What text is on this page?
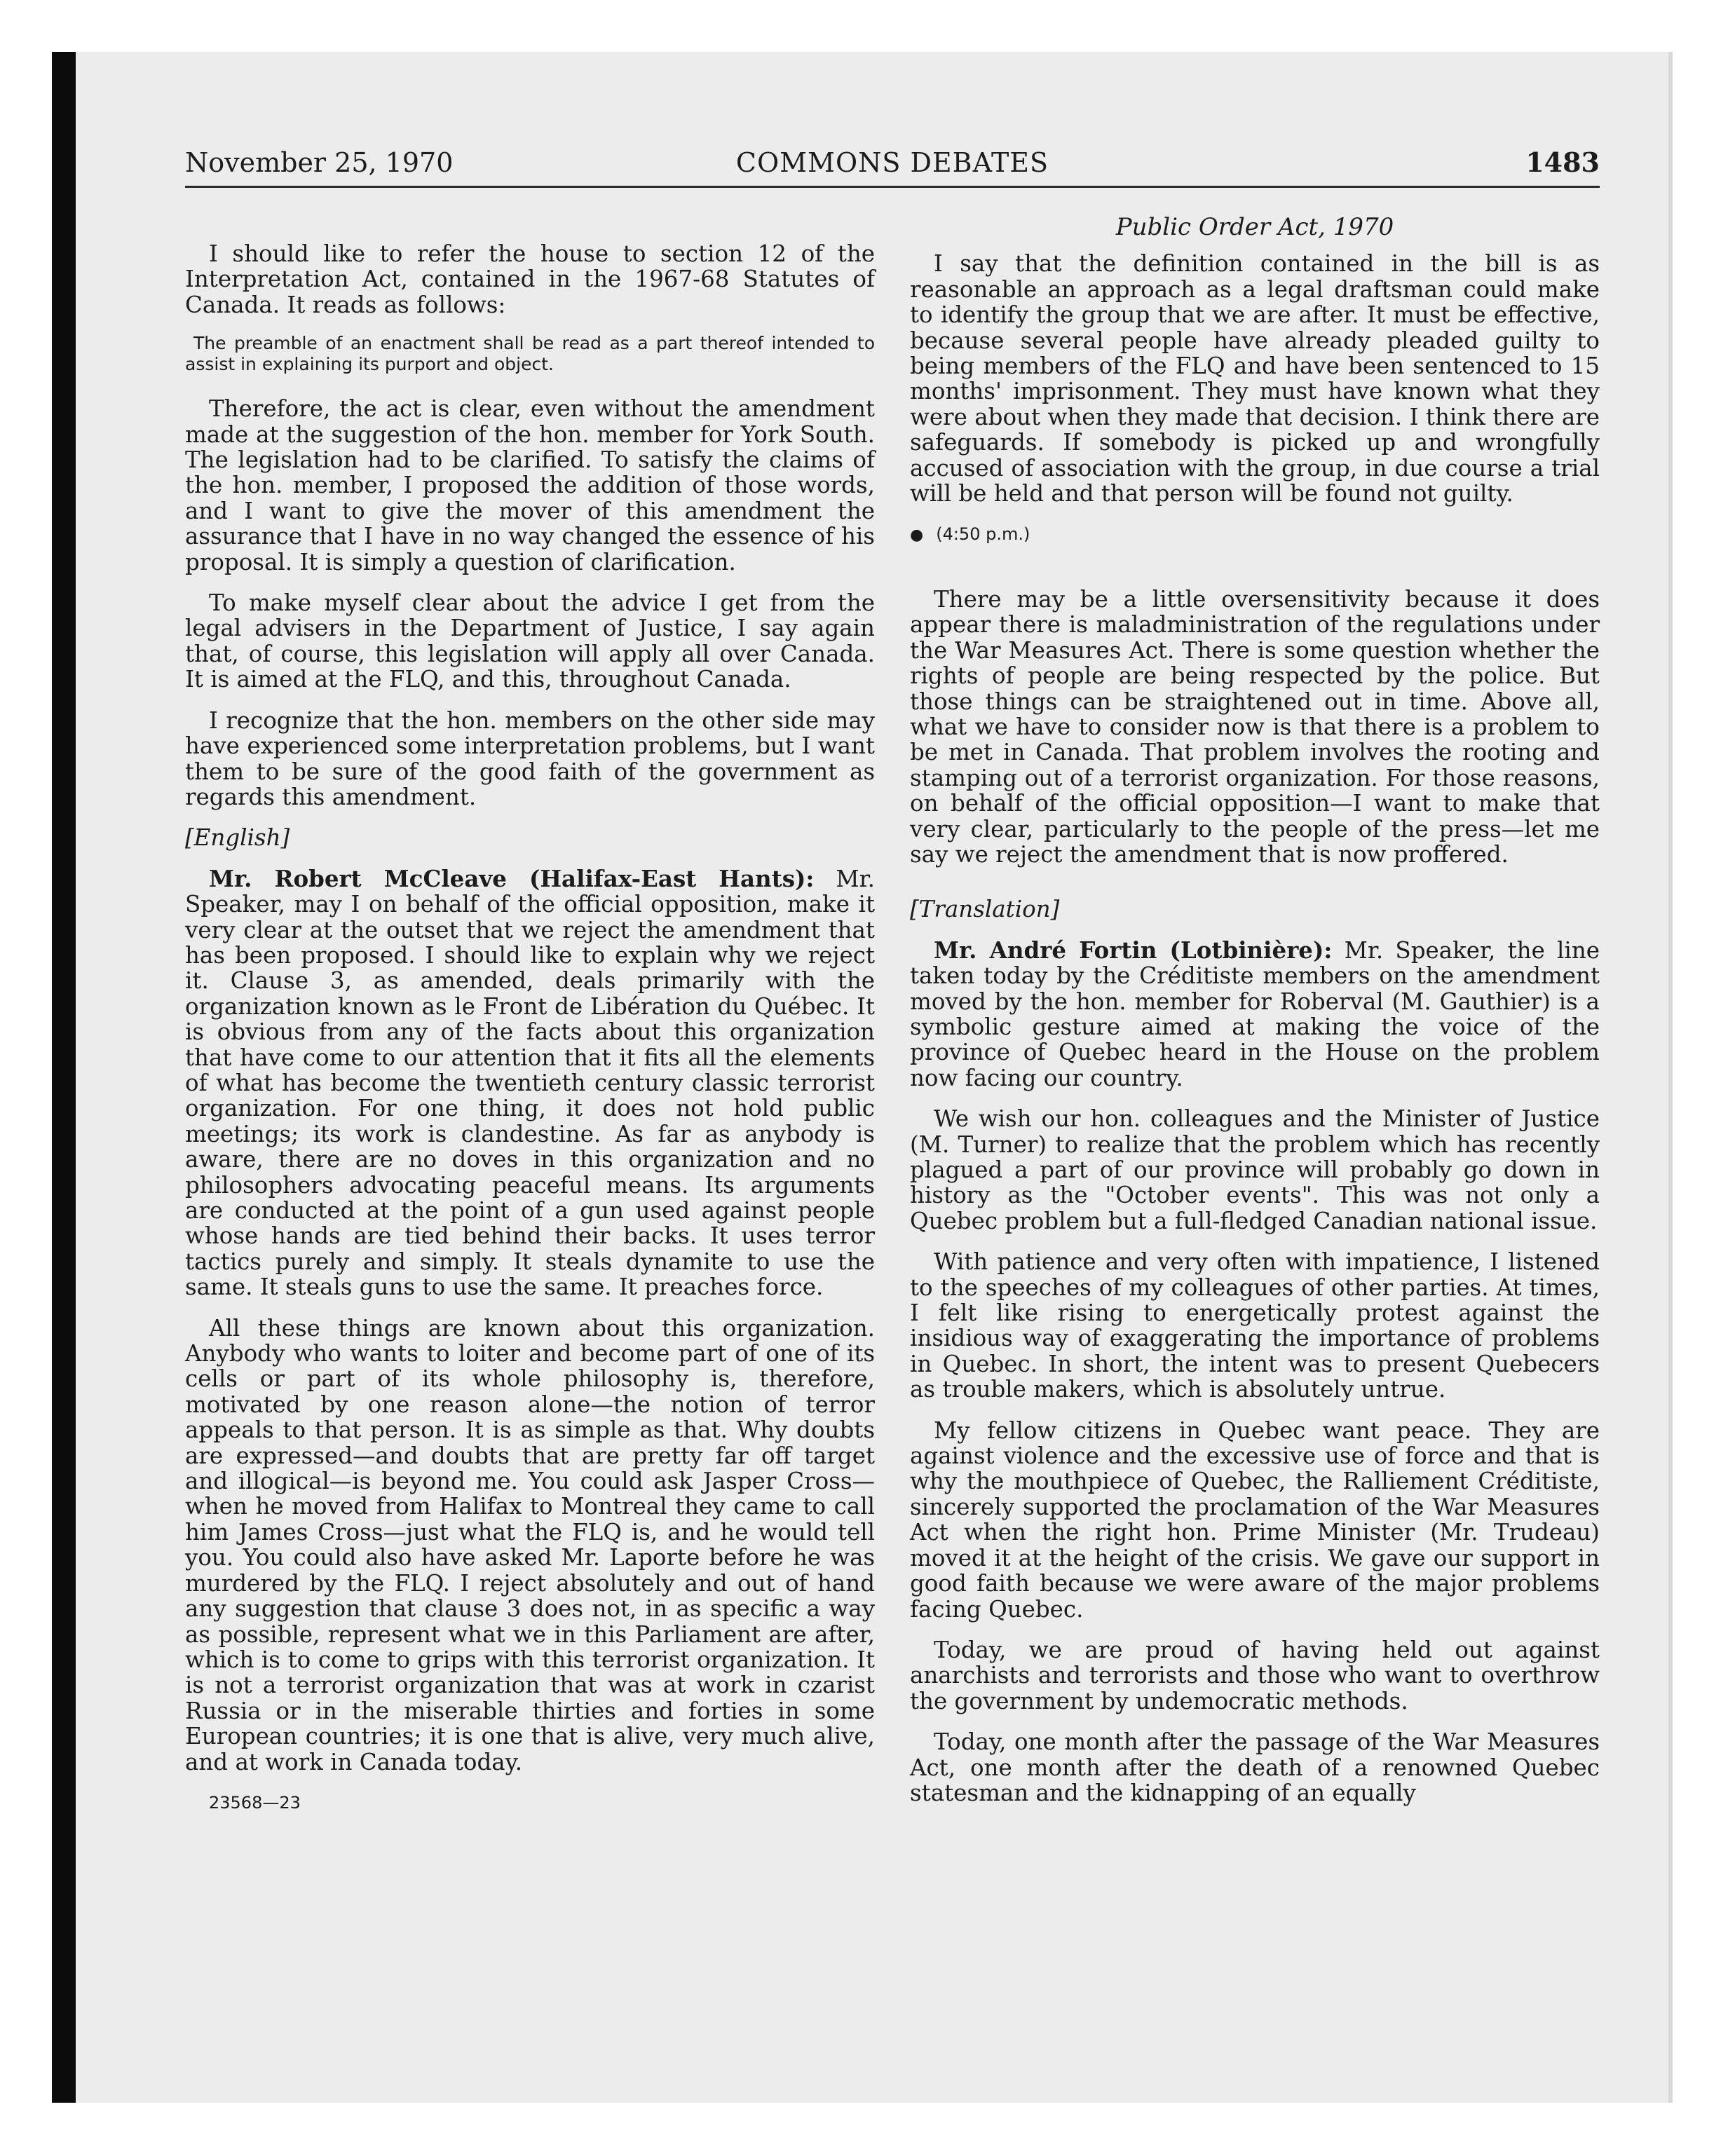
COMMONS DEBATES
November 25, 1970	1483

I should like to refer the house to section 12 of the Interpretation Act, contained in the 1967-68 Statutes of Canada. It reads as follows:

The preamble of an enactment shall be read as a part thereof intended to assist in explaining its purport and object.

Therefore, the act is clear, even without the amendment made at the suggestion of the hon. member for York South. The legislation had to be clarified. To satisfy the claims of the hon. member, I proposed the addition of those words, and I want to give the mover of this amendment the assurance that I have in no way changed the essence of his proposal. It is simply a question of clarification.

To make myself clear about the advice I get from the legal advisers in the Department of Justice, I say again that, of course, this legislation will apply all over Canada. It is aimed at the FLQ, and this, throughout Canada.

I recognize that the hon. members on the other side may have experienced some interpretation problems, but I want them to be sure of the good faith of the government as regards this amendment.

[English]

Mr. Robert McCleave (Halifax-East Hants): Mr. Speaker, may I on behalf of the official opposition, make it very clear at the outset that we reject the amendment that has been proposed. I should like to explain why we reject it. Clause 3, as amended, deals primarily with the organization known as le Front de Libération du Québec. It is obvious from any of the facts about this organization that have come to our attention that it fits all the elements of what has become the twentieth century classic terrorist organization. For one thing, it does not hold public meetings; its work is clandestine. As far as anybody is aware, there are no doves in this organization and no philosophers advocating peaceful means. Its arguments are conducted at the point of a gun used against people whose hands are tied behind their backs. It uses terror tactics purely and simply. It steals dynamite to use the same. It steals guns to use the same. It preaches force.

All these things are known about this organization. Anybody who wants to loiter and become part of one of its cells or part of its whole philosophy is, therefore, motivated by one reason alone—the notion of terror appeals to that person. It is as simple as that. Why doubts are expressed—and doubts that are pretty far off target and illogical—is beyond me. You could ask Jasper Cross—when he moved from Halifax to Montreal they came to call him James Cross—just what the FLQ is, and he would tell you. You could also have asked Mr. Laporte before he was murdered by the FLQ. I reject absolutely and out of hand any suggestion that clause 3 does not, in as specific a way as possible, represent what we in this Parliament are after, which is to come to grips with this terrorist organization. It is not a terrorist organization that was at work in czarist Russia or in the miserable thirties and forties in some European countries; it is one that is alive, very much alive, and at work in Canada today.

23568—23
Public Order Act, 1970

I say that the definition contained in the bill is as reasonable an approach as a legal draftsman could make to identify the group that we are after. It must be effective, because several people have already pleaded guilty to being members of the FLQ and have been sentenced to 15 months' imprisonment. They must have known what they were about when they made that decision. I think there are safeguards. If somebody is picked up and wrongfully accused of association with the group, in due course a trial will be held and that person will be found not guilty.

● (4:50 p.m.)

There may be a little oversensitivity because it does appear there is maladministration of the regulations under the War Measures Act. There is some question whether the rights of people are being respected by the police. But those things can be straightened out in time. Above all, what we have to consider now is that there is a problem to be met in Canada. That problem involves the rooting and stamping out of a terrorist organization. For those reasons, on behalf of the official opposition—I want to make that very clear, particularly to the people of the press—let me say we reject the amendment that is now proffered.

[Translation]

Mr. André Fortin (Lotbinière): Mr. Speaker, the line taken today by the Créditiste members on the amendment moved by the hon. member for Roberval (M. Gauthier) is a symbolic gesture aimed at making the voice of the province of Quebec heard in the House on the problem now facing our country.

We wish our hon. colleagues and the Minister of Justice (M. Turner) to realize that the problem which has recently plagued a part of our province will probably go down in history as the "October events". This was not only a Quebec problem but a full-fledged Canadian national issue.

With patience and very often with impatience, I listened to the speeches of my colleagues of other parties. At times, I felt like rising to energetically protest against the insidious way of exaggerating the importance of problems in Quebec. In short, the intent was to present Quebecers as trouble makers, which is absolutely untrue.

My fellow citizens in Quebec want peace. They are against violence and the excessive use of force and that is why the mouthpiece of Quebec, the Ralliement Créditiste, sincerely supported the proclamation of the War Measures Act when the right hon. Prime Minister (Mr. Trudeau) moved it at the height of the crisis. We gave our support in good faith because we were aware of the major problems facing Quebec.

Today, we are proud of having held out against anarchists and terrorists and those who want to overthrow the government by undemocratic methods.

Today, one month after the passage of the War Measures Act, one month after the death of a renowned Quebec statesman and the kidnapping of an equally
